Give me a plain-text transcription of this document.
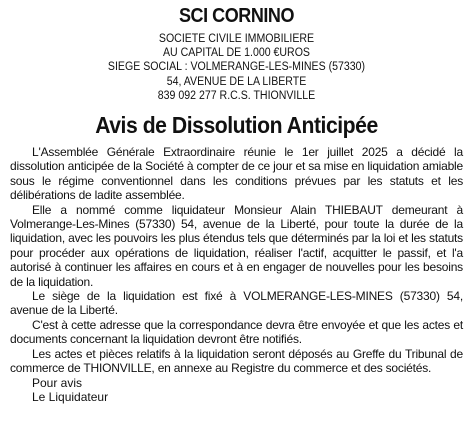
SCI CORNINO
SOCIETE CIVILE IMMOBILIERE
AU CAPITAL DE 1.000 €UROS
SIEGE SOCIAL : VOLMERANGE-LES-MINES (57330)
54, AVENUE DE LA LIBERTE
839 092 277 R.C.S. THIONVILLE
Avis de Dissolution Anticipée

L'Assemblée Générale Extraordinaire réunie le 1er juillet 2025 a décidé la dissolution anticipée de la Société à compter de ce jour et sa mise en liquidation amiable sous le régime conventionnel dans les conditions prévues par les statuts et les délibérations de ladite assemblée.

Elle a nommé comme liquidateur Monsieur Alain THIEBAUT demeurant à Volmerange-Les-Mines (57330) 54, avenue de la Liberté, pour toute la durée de la liquidation, avec les pouvoirs les plus étendus tels que déterminés par la loi et les statuts pour procéder aux opérations de liquidation, réaliser l'actif, acquitter le passif, et l'a autorisé à continuer les affaires en cours et à en engager de nouvelles pour les besoins de la liquidation.

Le siège de la liquidation est fixé à VOLMERANGE-LES-MINES (57330) 54, avenue de la Liberté.

C'est à cette adresse que la correspondance devra être envoyée et que les actes et documents concernant la liquidation devront être notifiés.

Les actes et pièces relatifs à la liquidation seront déposés au Greffe du Tribunal de commerce de THIONVILLE, en annexe au Registre du commerce et des sociétés.

Pour avis

Le Liquidateur
